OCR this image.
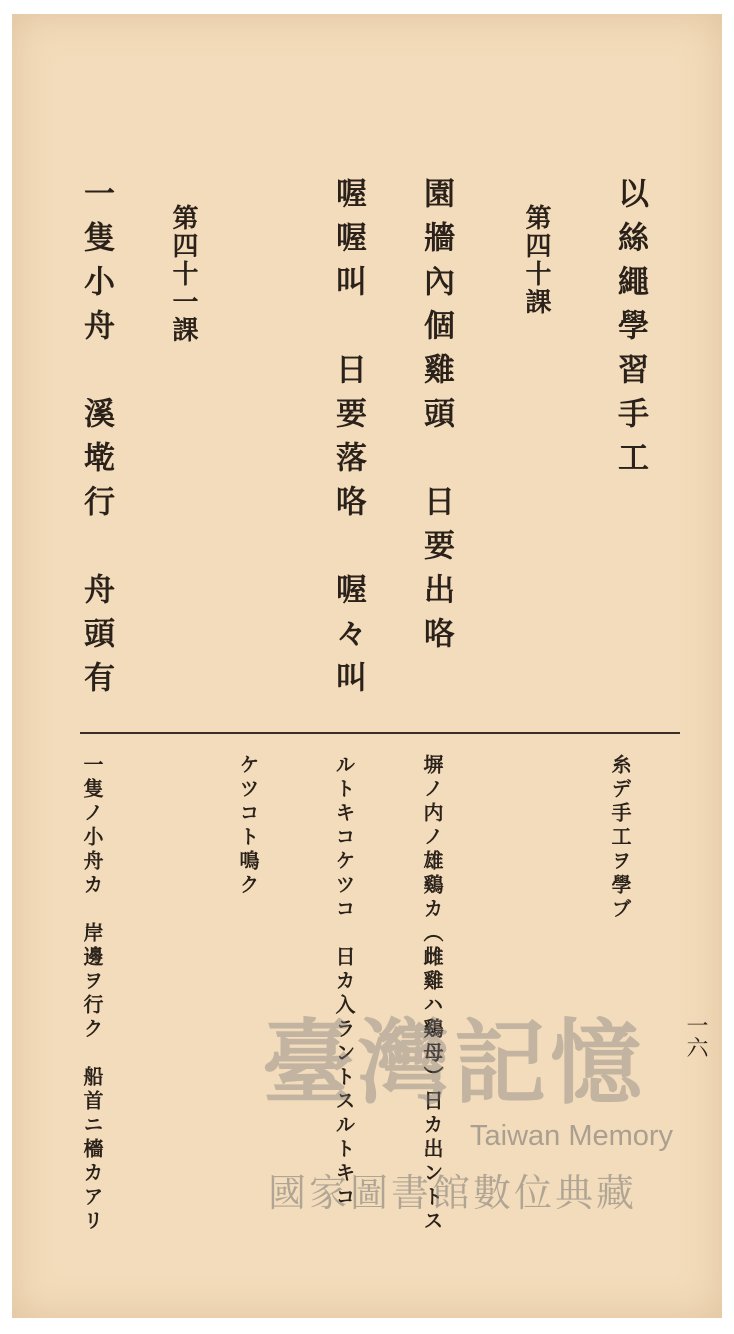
以絲繩學習手工
第四十課
園牆內個雞頭　日要出咯
喔喔叫　日要落咯　喔々叫
第四十一課
一隻小舟　溪墘行　舟頭有
糸デ手工ヲ學ブ
塀ノ内ノ雄鷄カ（雌雞ハ鷄母）日カ出ントス
ルトキコケツコ　日カ入ラントスルトキコ
ケツコト鳴ク
一隻ノ小舟カ　岸邊ヲ行ク　船首ニ檣カアリ	一六
臺灣記憶
Taiwan Memory
國家圖書館數位典藏
